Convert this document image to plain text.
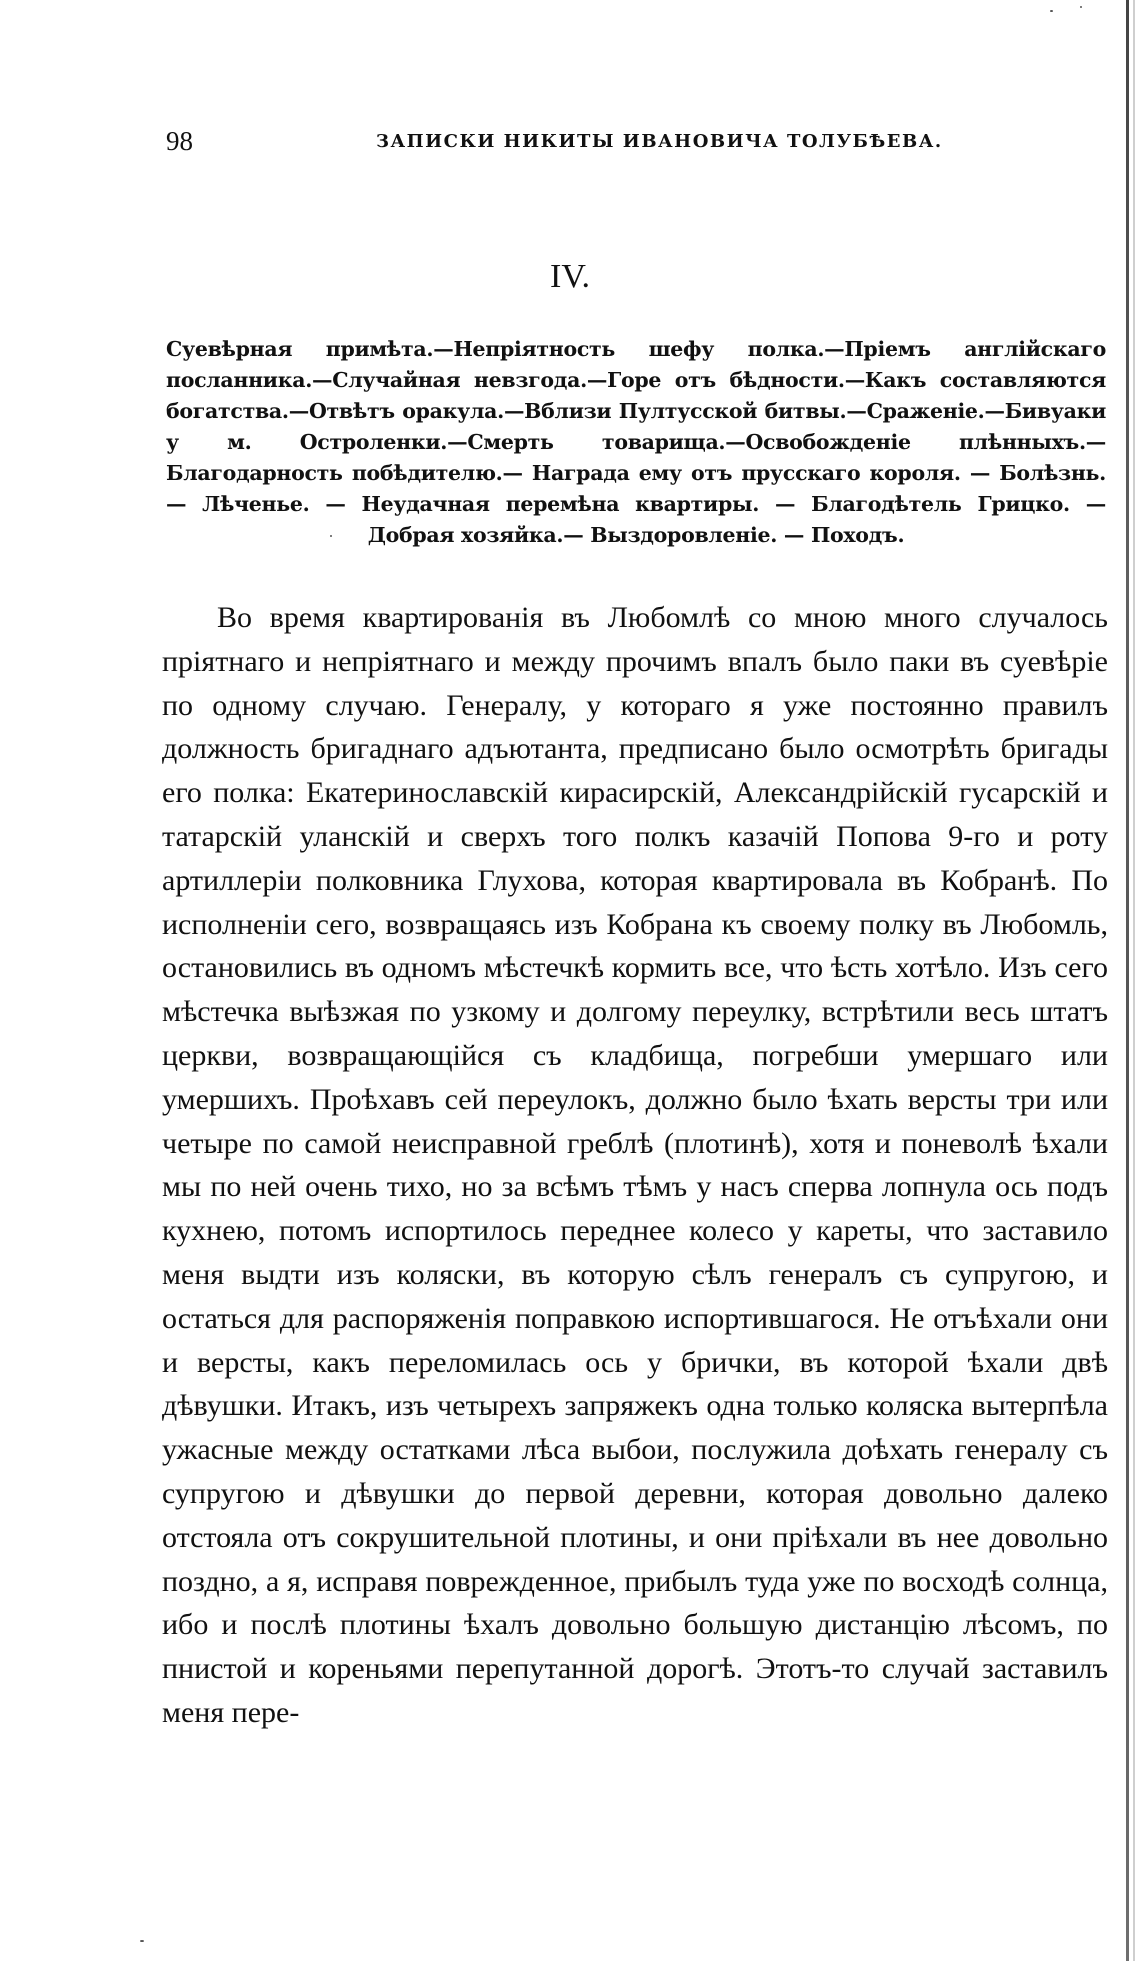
98	ЗАПИСКИ НИКИТЫ ИВАНОВИЧА ТОЛУБѢЕВА.
IV.
Суевѣрная примѣта.—Непріятность шефу полка.—Пріемъ англійскаго посланника.—Случайная невзгода.—Горе отъ бѣдности.—Какъ составляются богатства.—Отвѣтъ оракула.—Вблизи Пултусской битвы.—Сраженіе.—Бивуаки у м. Остроленки.—Смерть товарища.—Освобожденіе плѣнныхъ.—Благодарность побѣдителю.— Награда ему отъ прусскаго короля. — Болѣзнь. — Лѣченье. — Неудачная перемѣна квартиры. — Благодѣтель Грицко. — Добрая хозяйка.— Выздоровленіе. — Походъ.
Во время квартированія въ Любомлѣ со мною много случалось пріятнаго и непріятнаго и между прочимъ впалъ было паки въ суевѣріе по одному случаю. Генералу, у котораго я уже постоянно правилъ должность бригаднаго адъютанта, предписано было осмотрѣть бригады его полка: Екатеринославскій кирасирскій, Александрійскій гусарскій и татарскій уланскій и сверхъ того полкъ казачій Попова 9-го и роту артиллеріи полковника Глухова, которая квартировала въ Кобранѣ. По исполненіи сего, возвращаясь изъ Кобрана къ своему полку въ Любомль, остановились въ одномъ мѣстечкѣ кормить все, что ѣсть хотѣло. Изъ сего мѣстечка выѣзжая по узкому и долгому переулку, встрѣтили весь штатъ церкви, возвращающійся съ кладбища, погребши умершаго или умершихъ. Проѣхавъ сей переулокъ, должно было ѣхать версты три или четыре по самой неисправной греблѣ (плотинѣ), хотя и поневолѣ ѣхали мы по ней очень тихо, но за всѣмъ тѣмъ у насъ сперва лопнула ось подъ кухнею, потомъ испортилось переднее колесо у кареты, что заставило меня выдти изъ коляски, въ которую сѣлъ генералъ съ супругою, и остаться для распоряженія поправкою испортившагося. Не отъѣхали они и версты, какъ переломилась ось у брички, въ которой ѣхали двѣ дѣвушки. Итакъ, изъ четырехъ запряжекъ одна только коляска вытерпѣла ужасные между остатками лѣса выбои, послужила доѣхать генералу съ супругою и дѣвушки до первой деревни, которая довольно далеко отстояла отъ сокрушительной плотины, и они пріѣхали въ нее довольно поздно, а я, исправя поврежденное, прибылъ туда уже по восходѣ солнца, ибо и послѣ плотины ѣхалъ довольно большую дистанцію лѣсомъ, по пнистой и кореньями перепутанной дорогѣ. Этотъ-то случай заставилъ меня пере-
